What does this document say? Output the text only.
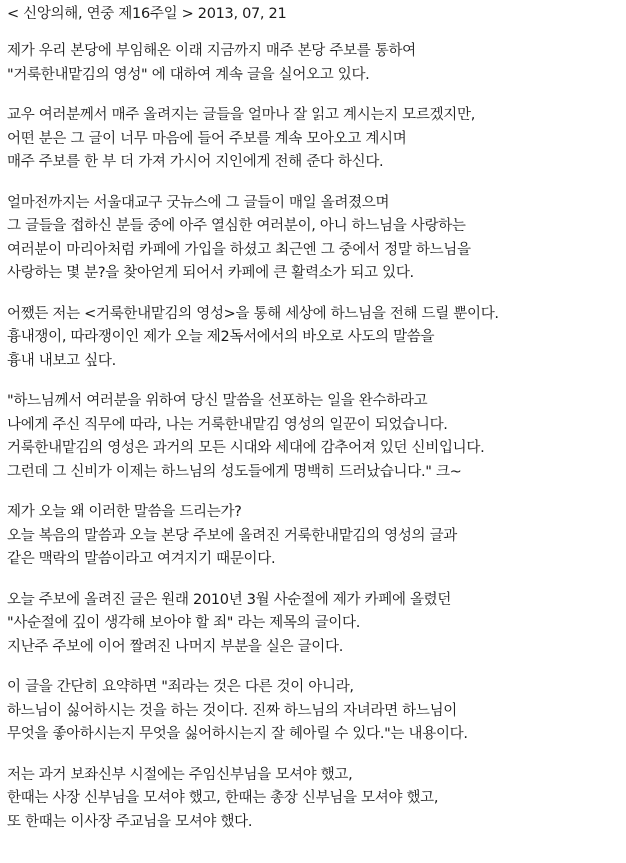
< 신앙의해, 연중 제16주일 > 2013, 07, 21
제가 우리 본당에 부임해온 이래 지금까지 매주 본당 주보를 통하여
"거룩한내맡김의 영성" 에 대하여 계속 글을 실어오고 있다.
교우 여러분께서 매주 올려지는 글들을 얼마나 잘 읽고 계시는지 모르겠지만,
어떤 분은 그 글이 너무 마음에 들어 주보를 계속 모아오고 계시며
매주 주보를 한 부 더 가져 가시어 지인에게 전해 준다 하신다.
얼마전까지는 서울대교구 굿뉴스에 그 글들이 매일 올려졌으며
그 글들을 접하신 분들 중에 아주 열심한 여러분이, 아니 하느님을 사랑하는
여러분이 마리아처럼 카페에 가입을 하셨고 최근엔 그 중에서 정말 하느님을
사랑하는 몇 분?을 찾아얻게 되어서 카페에 큰 활력소가 되고 있다.
어쨌든 저는 <거룩한내맡김의 영성>을 통해 세상에 하느님을 전해 드릴 뿐이다.
흉내쟁이, 따라쟁이인 제가 오늘 제2독서에서의 바오로 사도의 말씀을
흉내 내보고 싶다.
"하느님께서 여러분을 위하여 당신 말씀을 선포하는 일을 완수하라고
나에게 주신 직무에 따라, 나는 거룩한내맡김 영성의 일꾼이 되었습니다.
거룩한내맡김의 영성은 과거의 모든 시대와 세대에 감추어져 있던 신비입니다.
그런데 그 신비가 이제는 하느님의 성도들에게 명백히 드러났습니다." 크~
제가 오늘 왜 이러한 말씀을 드리는가?
오늘 복음의 말씀과 오늘 본당 주보에 올려진 거룩한내맡김의 영성의 글과
같은 맥락의 말씀이라고 여겨지기 때문이다.
오늘 주보에 올려진 글은 원래 2010년 3월 사순절에 제가 카페에 올렸던
"사순절에 깊이 생각해 보아야 할 죄" 라는 제목의 글이다.
지난주 주보에 이어 짤려진 나머지 부분을 실은 글이다.
이 글을 간단히 요약하면 "죄라는 것은 다른 것이 아니라,
하느님이 싫어하시는 것을 하는 것이다. 진짜 하느님의 자녀라면 하느님이
무엇을 좋아하시는지 무엇을 싫어하시는지 잘 헤아릴 수 있다."는 내용이다.
저는 과거 보좌신부 시절에는 주임신부님을 모셔야 했고,
한때는 사장 신부님을 모셔야 했고, 한때는 총장 신부님을 모셔야 했고,
또 한때는 이사장 주교님을 모셔야 했다.
